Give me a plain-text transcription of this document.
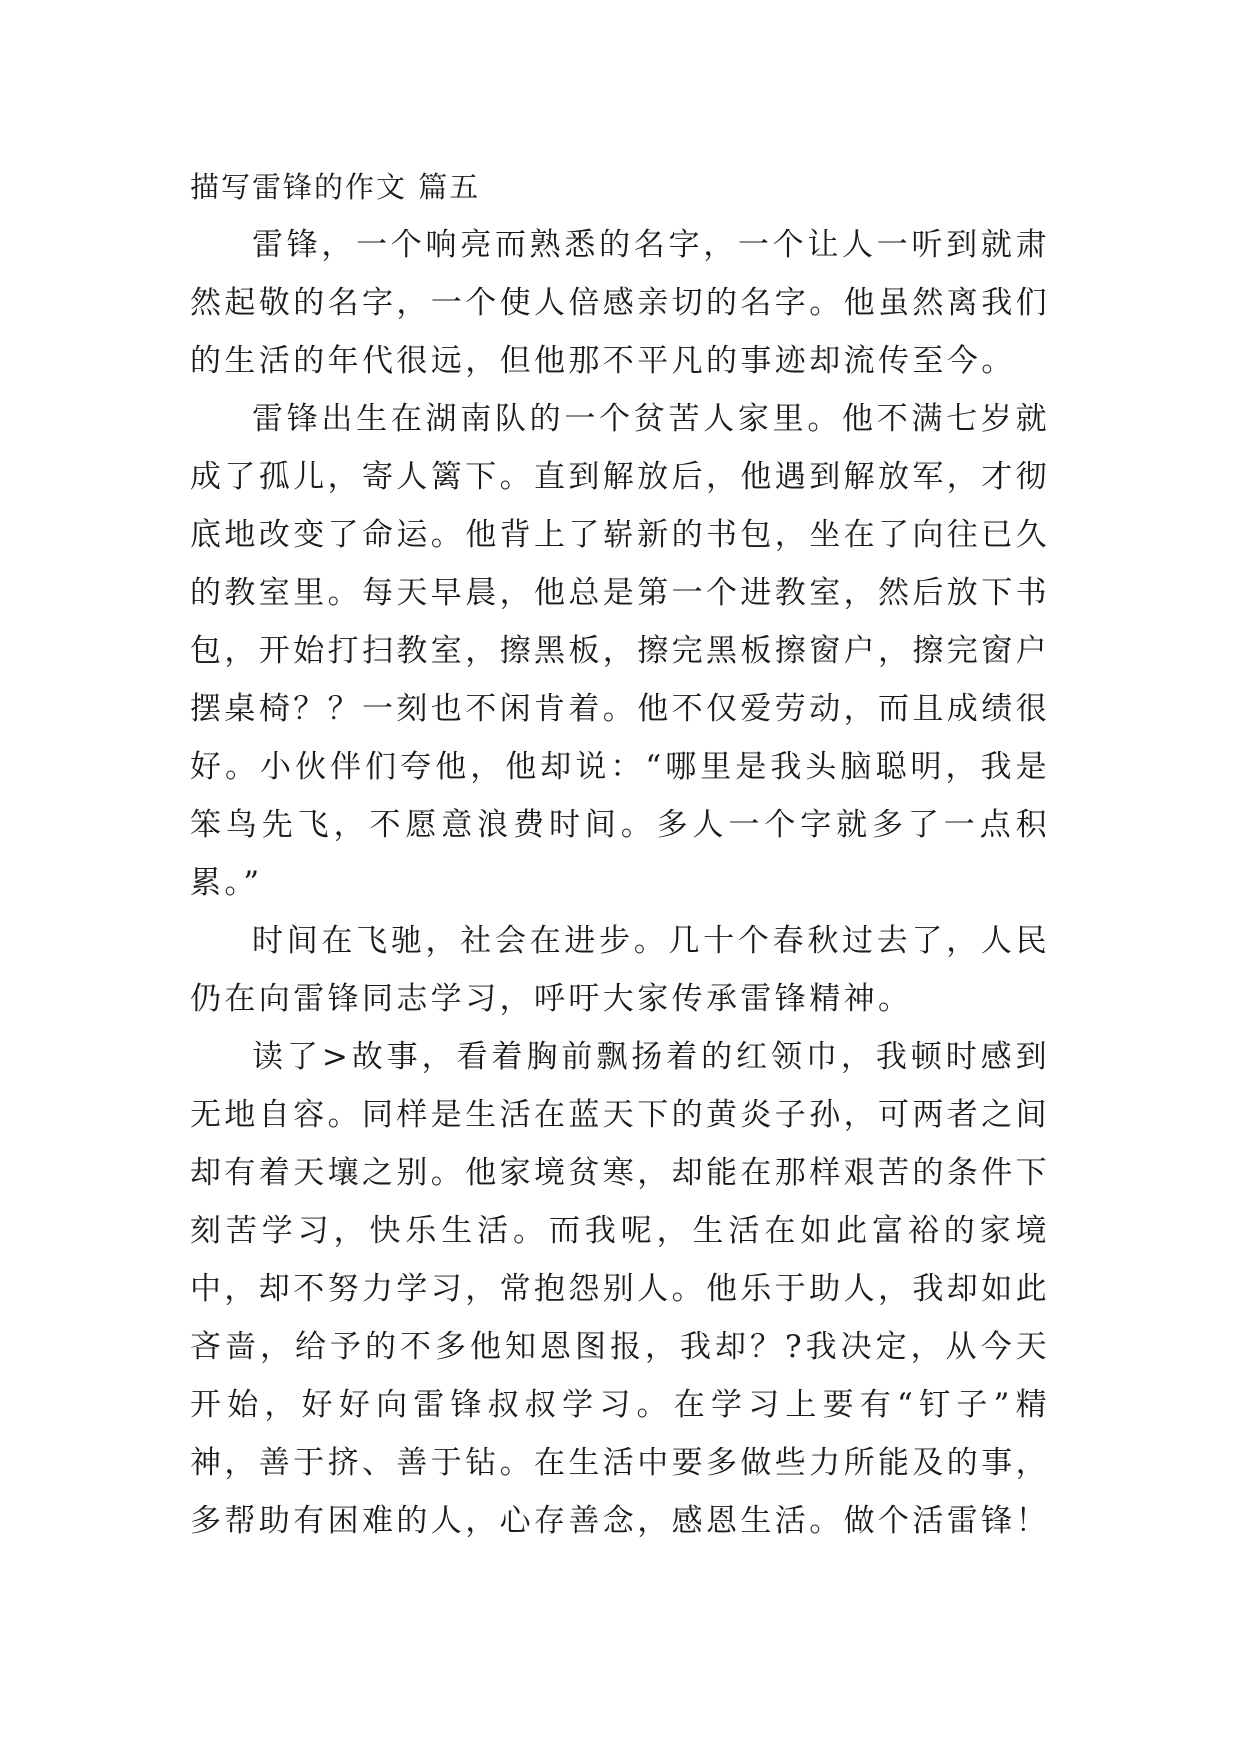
描写雷锋的作文 篇五

雷锋，一个响亮而熟悉的名字，一个让人一听到就肃然起敬的名字，一个使人倍感亲切的名字。他虽然离我们的生活的年代很远，但他那不平凡的事迹却流传至今。

雷锋出生在湖南队的一个贫苦人家里。他不满七岁就成了孤儿，寄人篱下。直到解放后，他遇到解放军，才彻底地改变了命运。他背上了崭新的书包，坐在了向往已久的教室里。每天早晨，他总是第一个进教室，然后放下书包，开始打扫教室，擦黑板，擦完黑板擦窗户，擦完窗户摆桌椅？？一刻也不闲肯着。他不仅爱劳动，而且成绩很好。小伙伴们夸他，他却说：“哪里是我头脑聪明，我是笨鸟先飞，不愿意浪费时间。多人一个字就多了一点积累。”

时间在飞驰，社会在进步。几十个春秋过去了，人民仍在向雷锋同志学习，呼吁大家传承雷锋精神。

读了>故事，看着胸前飘扬着的红领巾，我顿时感到无地自容。同样是生活在蓝天下的黄炎子孙，可两者之间却有着天壤之别。他家境贫寒，却能在那样艰苦的条件下刻苦学习，快乐生活。而我呢，生活在如此富裕的家境中，却不努力学习，常抱怨别人。他乐于助人，我却如此吝啬，给予的不多他知恩图报，我却？?我决定，从今天开始，好好向雷锋叔叔学习。在学习上要有“钉子”精神，善于挤、善于钻。在生活中要多做些力所能及的事，多帮助有困难的人，心存善念，感恩生活。做个活雷锋！
